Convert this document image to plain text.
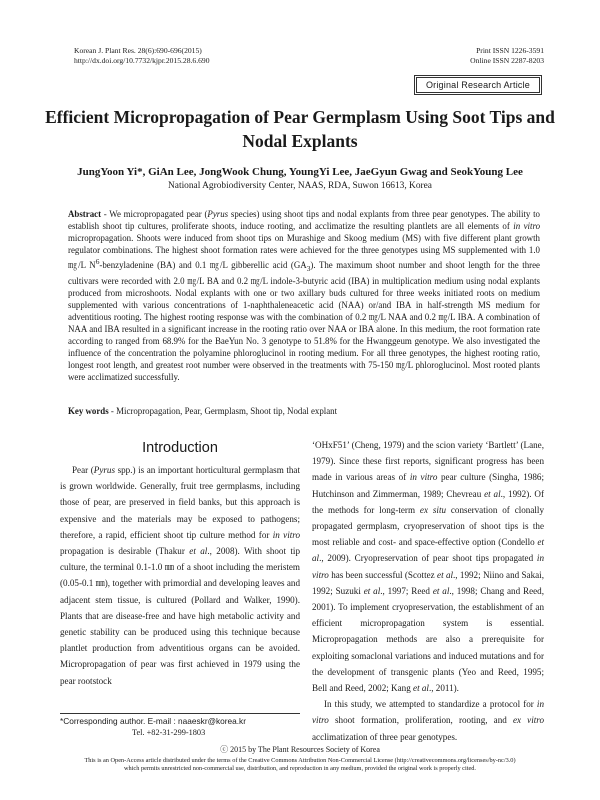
Korean J. Plant Res. 28(6):690-696(2015)
http://dx.doi.org/10.7732/kjpr.2015.28.6.690
Print ISSN 1226-3591
Online ISSN 2287-8203
Original Research Article
Efficient Micropropagation of Pear Germplasm Using Soot Tips and
Nodal Explants
JungYoon Yi*, GiAn Lee, JongWook Chung, YoungYi Lee, JaeGyun Gwag and SeokYoung Lee
National Agrobiodiversity Center, NAAS, RDA, Suwon 16613, Korea
Abstract - We micropropagated pear (Pyrus species) using shoot tips and nodal explants from three pear genotypes. The ability to establish shoot tip cultures, proliferate shoots, induce rooting, and acclimatize the resulting plantlets are all elements of in vitro micropropagation. Shoots were induced from shoot tips on Murashige and Skoog medium (MS) with five different plant growth regulator combinations. The highest shoot formation rates were achieved for the three genotypes using MS supplemented with 1.0 ㎎/L $N^6$-benzyladenine (BA) and 0.1 ㎎/L gibberellic acid $(GA_3)$. The maximum shoot number and shoot length for the three cultivars were recorded with 2.0 ㎎/L BA and 0.2 ㎎/L indole-3-butyric acid (IBA) in multiplication medium using nodal explants produced from microshoots. Nodal explants with one or two axillary buds cultured for three weeks initiated roots on medium supplemented with various concentrations of 1-naphthaleneacetic acid (NAA) or/and IBA in half-strength MS medium for adventitious rooting. The highest rooting response was with the combination of 0.2 ㎎/L NAA and 0.2 ㎎/L IBA. A combination of NAA and IBA resulted in a significant increase in the rooting ratio over NAA or IBA alone. In this medium, the root formation rate according to ranged from 68.9% for the BaeYun No. 3 genotype to 51.8% for the Hwanggeum genotype. We also investigated the influence of the concentration the polyamine phloroglucinol in rooting medium. For all three genotypes, the highest rooting ratio, longest root length, and greatest root number were observed in the treatments with 75-150 ㎎/L phloroglucinol. Most rooted plants were acclimatized successfully.
Key words - Micropropagation, Pear, Germplasm, Shoot tip, Nodal explant
Introduction

Pear (Pyrus spp.) is an important horticultural germplasm that is grown worldwide. Generally, fruit tree germplasms, including those of pear, are preserved in field banks, but this approach is expensive and the materials may be exposed to pathogens; therefore, a rapid, efficient shoot tip culture method for in vitro propagation is desirable (Thakur et al., 2008). With shoot tip culture, the terminal 0.1-1.0 ㎜ of a shoot including the meristem (0.05-0.1 ㎜), together with primordial and developing leaves and adjacent stem tissue, is cultured (Pollard and Walker, 1990). Plants that are disease-free and have high metabolic activity and genetic stability can be produced using this technique because plantlet production from adventitious organs can be avoided. Micropropagation of pear was first achieved in 1979 using the pear rootstock

‘OHxF51’ (Cheng, 1979) and the scion variety ‘Bartlett’ (Lane, 1979). Since these first reports, significant progress has been made in various areas of in vitro pear culture (Singha, 1986; Hutchinson and Zimmerman, 1989; Chevreau et al., 1992). Of the methods for long-term ex situ conservation of clonally propagated germplasm, cryopreservation of shoot tips is the most reliable and cost- and space-effective option (Condello et al., 2009). Cryopreservation of pear shoot tips propagated in vitro has been successful (Scottez et al., 1992; Niino and Sakai, 1992; Suzuki et al., 1997; Reed et al., 1998; Chang and Reed, 2001). To implement cryopreservation, the establishment of an efficient micropropagation system is essential. Micropropagation methods are also a prerequisite for exploiting somaclonal variations and induced mutations and for the development of transgenic plants (Yeo and Reed, 1995; Bell and Reed, 2002; Kang et al., 2011).

In this study, we attempted to standardize a protocol for in vitro shoot formation, proliferation, rooting, and ex vitro acclimatization of three pear genotypes.

*Corresponding author. E-mail : naaeskr@korea.kr
Tel. +82-31-299-1803
ⓒ 2015 by The Plant Resources Society of Korea
This is an Open-Access article distributed under the terms of the Creative Commons Attribution Non-Commercial License (http://creativecommons.org/licenses/by-nc/3.0)
which permits unrestricted non-commercial use, distribution, and reproduction in any medium, provided the original work is properly cited.
